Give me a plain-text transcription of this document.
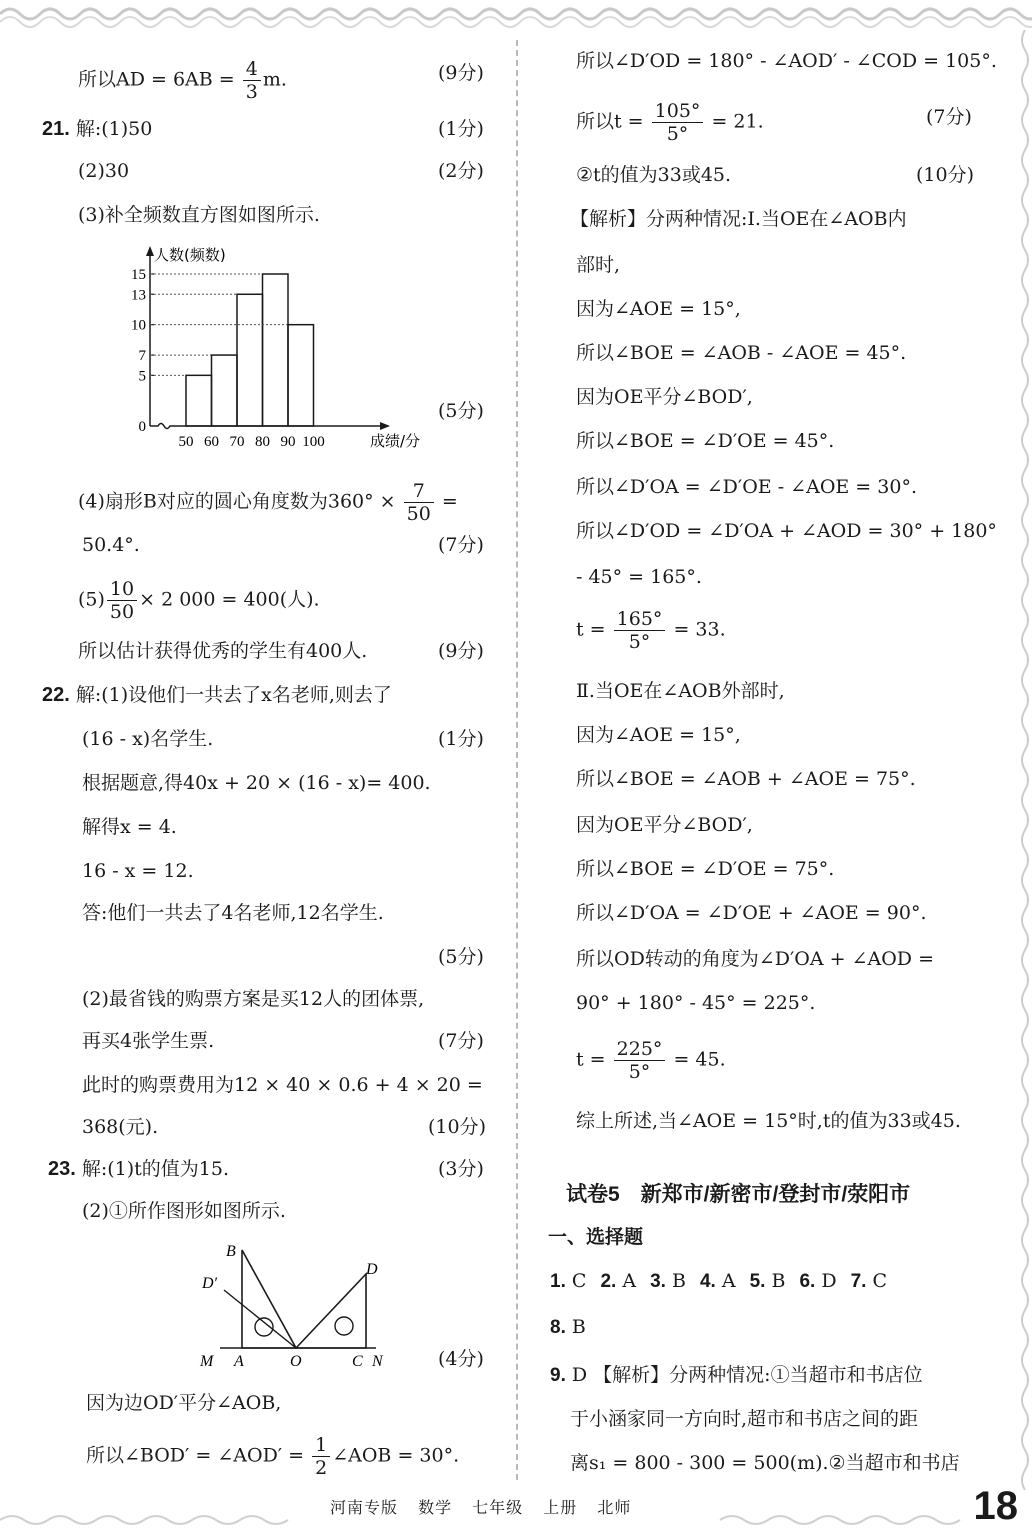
所以AD = $6AB = \frac{4}{3} m$.	(9分)
21. 解:(1)50	(1分)
(2)30	(2分)
(3)补全频数直方图如图所示.
人数(频数)
0
5
7
10
13
15
50 60 70 80 90 100	成绩/分
(5分)
(4)扇形B对应的圆心角度数为$360^\circ \times \frac{7}{50}$ =
50.4°.	(7分)
$(5) \frac{10}{50} \times 2$ 000 = 400(人).
所以估计获得优秀的学生有400人.	(9分)
22. 解:(1)设他们一共去了x名老师,则去了
(16 - x)名学生.	(1分)
根据题意,得40x + 20 × (16 - x)= 400.
解得x = 4.
16 - x = 12.
答:他们一共去了4名老师,12名学生.
(5分)
(2)最省钱的购票方案是买12人的团体票,
再买4张学生票.	(7分)
此时的购票费用为12 × 40 × 0.6 + 4 × 20 =
368(元).	(10分)
23. 解:(1)t的值为15.	(3分)
(2)①所作图形如图所示.
B
D′
D
M A	O	C N	(4分)
因为边OD′平分∠AOB,
所以∠BOD′ = ∠AOD′ = $\frac{1}{2}$ ∠AOB = 30°.
所以∠D′OD = 180° - ∠AOD′ - ∠COD = 105°.
所以$t = \frac{105^\circ}{5^\circ} = 21$.	(7分)
②t的值为33或45.	(10分)
【解析】分两种情况:Ⅰ.当OE在∠AOB内
部时,
因为∠AOE = 15°,
所以∠BOE = ∠AOB - ∠AOE = 45°.
因为OE平分∠BOD′,
所以∠BOE = ∠D′OE = 45°.
所以∠D′OA = ∠D′OE - ∠AOE = 30°.
所以∠D′OD = ∠D′OA + ∠AOD = 30° + 180°
- 45° = 165°.
$t = \frac{165^\circ}{5^\circ} = 33$.
Ⅱ.当OE在∠AOB外部时,
因为∠AOE = 15°,
所以∠BOE = ∠AOB + ∠AOE = 75°.
因为OE平分∠BOD′,
所以∠BOE = ∠D′OE = 75°.
所以∠D′OA = ∠D′OE + ∠AOE = 90°.
所以OD转动的角度为∠D′OA + ∠AOD =
90° + 180° - 45° = 225°.
$t = \frac{225^\circ}{5^\circ} = 45$.
综上所述,当∠AOE = 15°时,t的值为33或45.
试卷5　新郑市/新密市/登封市/荥阳市
一、选择题
1. C 2. A 3. B 4. A 5. B 6. D 7. C
8. B
9. D 【解析】分两种情况:①当超市和书店位
于小涵家同一方向时,超市和书店之间的距
离s₁ = 800 - 300 = 500(m).②当超市和书店
河南专版 数学 七年级 上册 北师	18
